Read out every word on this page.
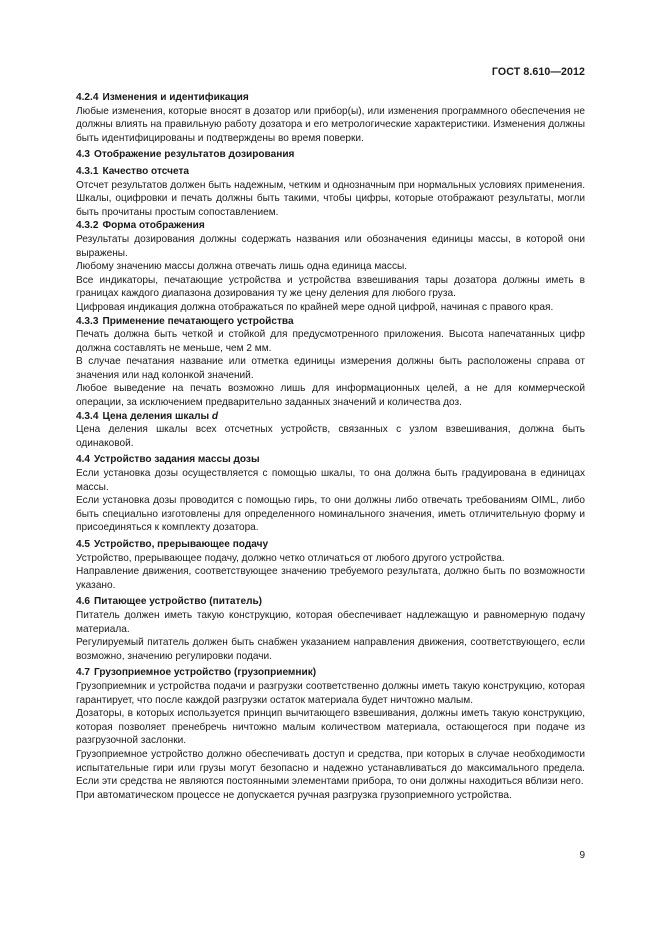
ГОСТ 8.610—2012

4.2.4 Изменения и идентификация

Любые изменения, которые вносят в дозатор или прибор(ы), или изменения программного обеспечения не должны влиять на правильную работу дозатора и его метрологические характеристики. Изменения должны быть идентифицированы и подтверждены во время поверки.

4.3 Отображение результатов дозирования

4.3.1 Качество отсчета

Отсчет результатов должен быть надежным, четким и однозначным при нормальных условиях применения. Шкалы, оцифровки и печать должны быть такими, чтобы цифры, которые отображают результаты, могли быть прочитаны простым сопоставлением.

4.3.2 Форма отображения

Результаты дозирования должны содержать названия или обозначения единицы массы, в которой они выражены.

Любому значению массы должна отвечать лишь одна единица массы.

Все индикаторы, печатающие устройства и устройства взвешивания тары дозатора должны иметь в границах каждого диапазона дозирования ту же цену деления для любого груза.

Цифровая индикация должна отображаться по крайней мере одной цифрой, начиная с правого края.

4.3.3 Применение печатающего устройства

Печать должна быть четкой и стойкой для предусмотренного приложения. Высота напечатанных цифр должна составлять не меньше, чем 2 мм.

В случае печатания название или отметка единицы измерения должны быть расположены справа от значения или над колонкой значений.

Любое выведение на печать возможно лишь для информационных целей, а не для коммерческой операции, за исключением предварительно заданных значений и количества доз.

4.3.4 Цена деления шкалы d

Цена деления шкалы всех отсчетных устройств, связанных с узлом взвешивания, должна быть одинаковой.

4.4 Устройство задания массы дозы

Если установка дозы осуществляется с помощью шкалы, то она должна быть градуирована в единицах массы.

Если установка дозы проводится с помощью гирь, то они должны либо отвечать требованиям OIML, либо быть специально изготовлены для определенного номинального значения, иметь отличительную форму и присоединяться к комплекту дозатора.

4.5 Устройство, прерывающее подачу

Устройство, прерывающее подачу, должно четко отличаться от любого другого устройства.

Направление движения, соответствующее значению требуемого результата, должно быть по возможности указано.

4.6 Питающее устройство (питатель)

Питатель должен иметь такую конструкцию, которая обеспечивает надлежащую и равномерную подачу материала.

Регулируемый питатель должен быть снабжен указанием направления движения, соответствующего, если возможно, значению регулировки подачи.

4.7 Грузоприемное устройство (грузоприемник)

Грузоприемник и устройства подачи и разгрузки соответственно должны иметь такую конструкцию, которая гарантирует, что после каждой разгрузки остаток материала будет ничтожно малым.

Дозаторы, в которых используется принцип вычитающего взвешивания, должны иметь такую конструкцию, которая позволяет пренебречь ничтожно малым количеством материала, остающегося при подаче из разгрузочной заслонки.

Грузоприемное устройство должно обеспечивать доступ и средства, при которых в случае необходимости испытательные гири или грузы могут безопасно и надежно устанавливаться до максимального предела. Если эти средства не являются постоянными элементами прибора, то они должны находиться вблизи него.

При автоматическом процессе не допускается ручная разгрузка грузоприемного устройства.

9
